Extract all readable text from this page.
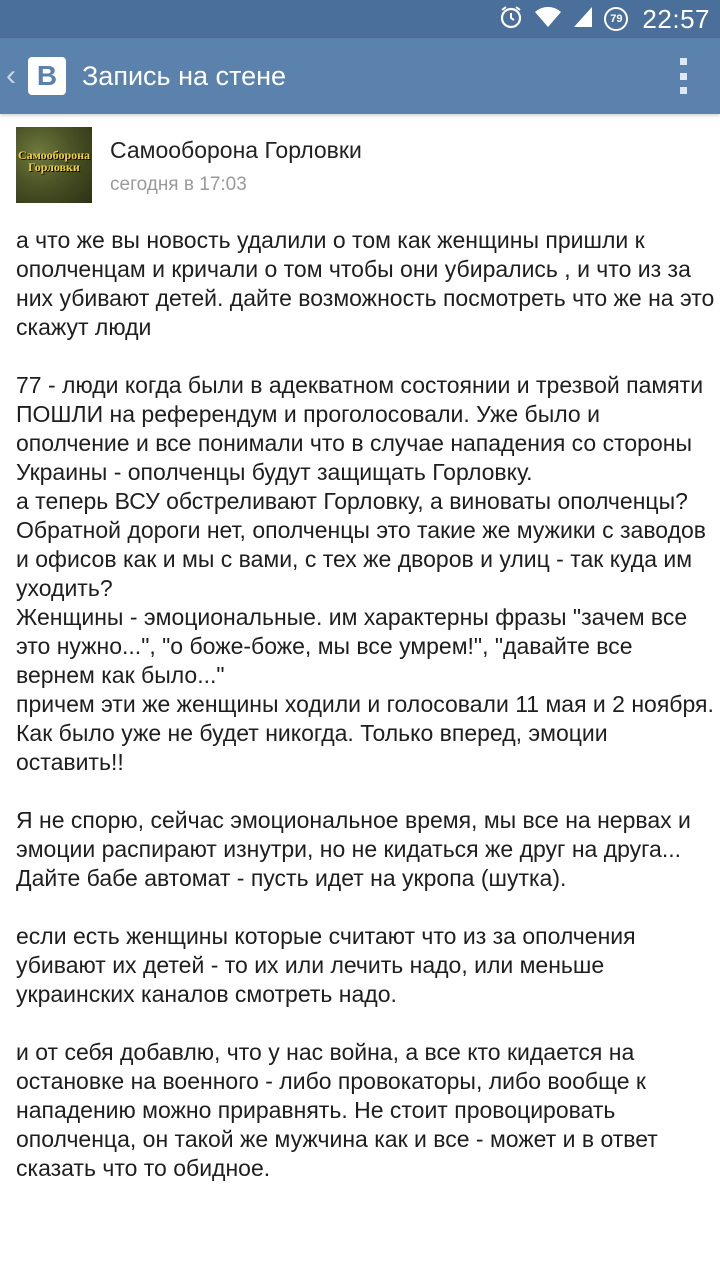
79 22:57
‹ В Запись на стене
Самооборона
Горловки
Самооборона Горловки
сегодня в 17:03

а что же вы новость удалили о том как женщины пришли к ополченцам и кричали о том чтобы они убирались , и что из за них убивают детей. дайте возможность посмотреть что же на это скажут люди

77 - люди когда были в адекватном состоянии и трезвой памяти ПОШЛИ на референдум и проголосовали. Уже было и ополчение и все понимали что в случае нападения со стороны Украины - ополченцы будут защищать Горловку.
а теперь ВСУ обстреливают Горловку, а виноваты ополченцы?
Обратной дороги нет, ополченцы это такие же мужики с заводов и офисов как и мы с вами, с тех же дворов и улиц - так куда им уходить?
Женщины - эмоциональные. им характерны фразы "зачем все это нужно...", "о боже-боже, мы все умрем!", "давайте все вернем как было..."
причем эти же женщины ходили и голосовали 11 мая и 2 ноября. Как было уже не будет никогда. Только вперед, эмоции оставить!!

Я не спорю, сейчас эмоциональное время, мы все на нервах и эмоции распирают изнутри, но не кидаться же друг на друга... Дайте бабе автомат - пусть идет на укропа (шутка).

если есть женщины которые считают что из за ополчения убивают их детей - то их или лечить надо, или меньше украинских каналов смотреть надо.

и от себя добавлю, что у нас война, а все кто кидается на остановке на военного - либо провокаторы, либо вообще к нападению можно приравнять. Не стоит провоцировать ополченца, он такой же мужчина как и все - может и в ответ сказать что то обидное.
